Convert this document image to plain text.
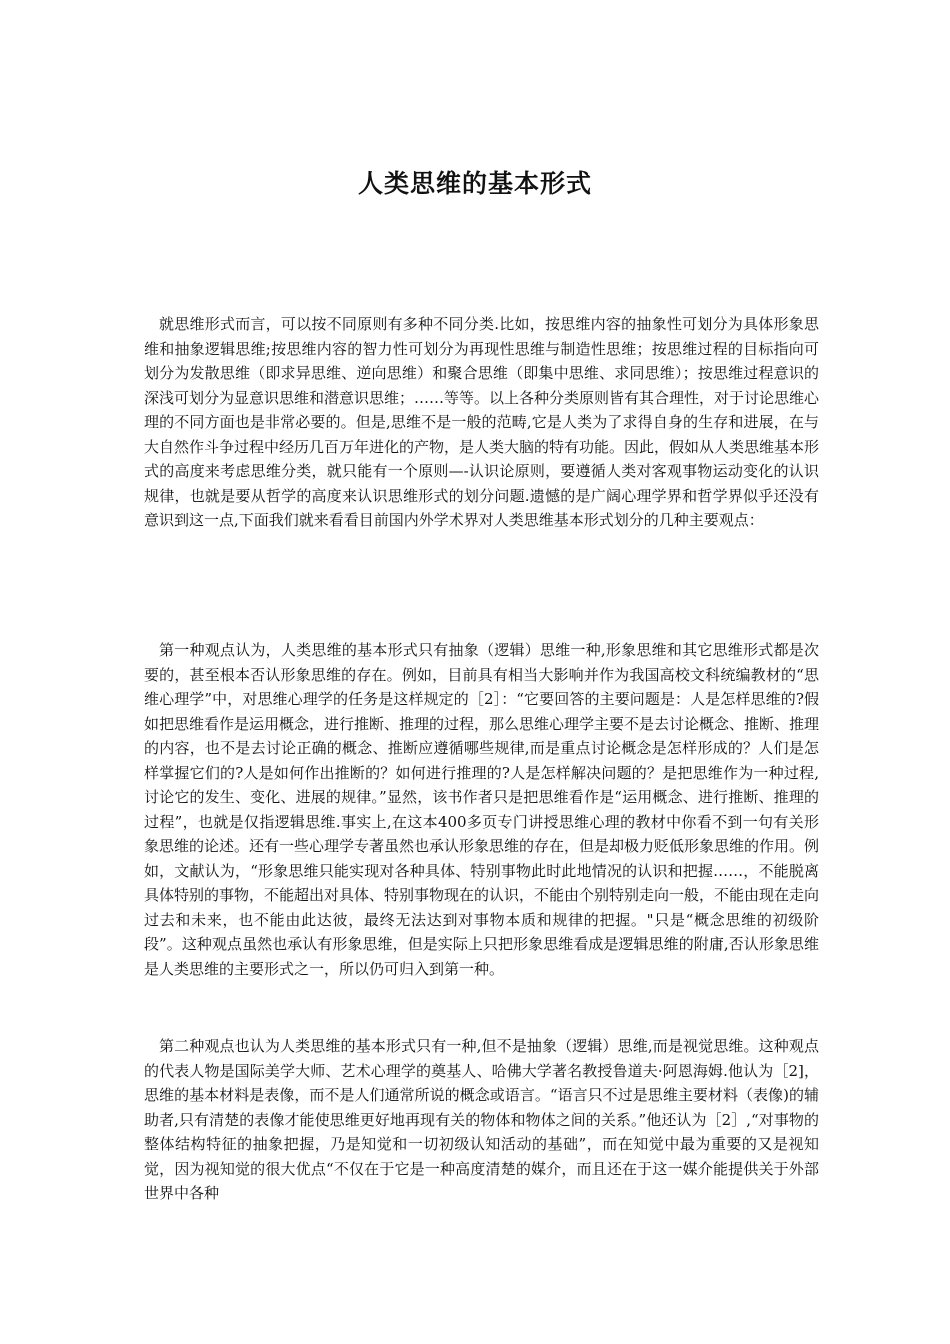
人类思维的基本形式

就思维形式而言，可以按不同原则有多种不同分类.比如，按思维内容的抽象性可划分为具体形象思维和抽象逻辑思维;按思维内容的智力性可划分为再现性思维与制造性思维；按思维过程的目标指向可划分为发散思维（即求异思维、逆向思维）和聚合思维（即集中思维、求同思维）；按思维过程意识的深浅可划分为显意识思维和潜意识思维；……等等。以上各种分类原则皆有其合理性，对于讨论思维心理的不同方面也是非常必要的。但是,思维不是一般的范畴,它是人类为了求得自身的生存和进展，在与大自然作斗争过程中经历几百万年进化的产物，是人类大脑的特有功能。因此，假如从人类思维基本形式的高度来考虑思维分类，就只能有一个原则—-认识论原则，要遵循人类对客观事物运动变化的认识规律，也就是要从哲学的高度来认识思维形式的划分问题.遗憾的是广阔心理学界和哲学界似乎还没有意识到这一点,下面我们就来看看目前国内外学术界对人类思维基本形式划分的几种主要观点：

第一种观点认为，人类思维的基本形式只有抽象（逻辑）思维一种,形象思维和其它思维形式都是次要的，甚至根本否认形象思维的存在。例如，目前具有相当大影响并作为我国高校文科统编教材的“思维心理学”中，对思维心理学的任务是这样规定的［2］：“它要回答的主要问题是：人是怎样思维的?假如把思维看作是运用概念，进行推断、推理的过程，那么思维心理学主要不是去讨论概念、推断、推理的内容，也不是去讨论正确的概念、推断应遵循哪些规律,而是重点讨论概念是怎样形成的？人们是怎样掌握它们的?人是如何作出推断的？如何进行推理的?人是怎样解决问题的？是把思维作为一种过程,讨论它的发生、变化、进展的规律。”显然，该书作者只是把思维看作是“运用概念、进行推断、推理的过程”，也就是仅指逻辑思维.事实上,在这本400多页专门讲授思维心理的教材中你看不到一句有关形象思维的论述。还有一些心理学专著虽然也承认形象思维的存在，但是却极力贬低形象思维的作用。例如，文献认为，“形象思维只能实现对各种具体、特别事物此时此地情况的认识和把握……，不能脱离具体特别的事物，不能超出对具体、特别事物现在的认识，不能由个别特别走向一般，不能由现在走向过去和未来，也不能由此达彼，最终无法达到对事物本质和规律的把握。"只是“概念思维的初级阶段”。这种观点虽然也承认有形象思维，但是实际上只把形象思维看成是逻辑思维的附庸,否认形象思维是人类思维的主要形式之一，所以仍可归入到第一种。

第二种观点也认为人类思维的基本形式只有一种,但不是抽象（逻辑）思维,而是视觉思维。这种观点的代表人物是国际美学大师、艺术心理学的奠基人、哈佛大学著名教授鲁道夫·阿恩海姆.他认为［2]，思维的基本材料是表像，而不是人们通常所说的概念或语言。“语言只不过是思维主要材料（表像)的辅助者,只有清楚的表像才能使思维更好地再现有关的物体和物体之间的关系。”他还认为［2］,“对事物的整体结构特征的抽象把握，乃是知觉和一切初级认知活动的基础”，而在知觉中最为重要的又是视知觉，因为视知觉的很大优点“不仅在于它是一种高度清楚的媒介，而且还在于这一媒介能提供关于外部世界中各种
